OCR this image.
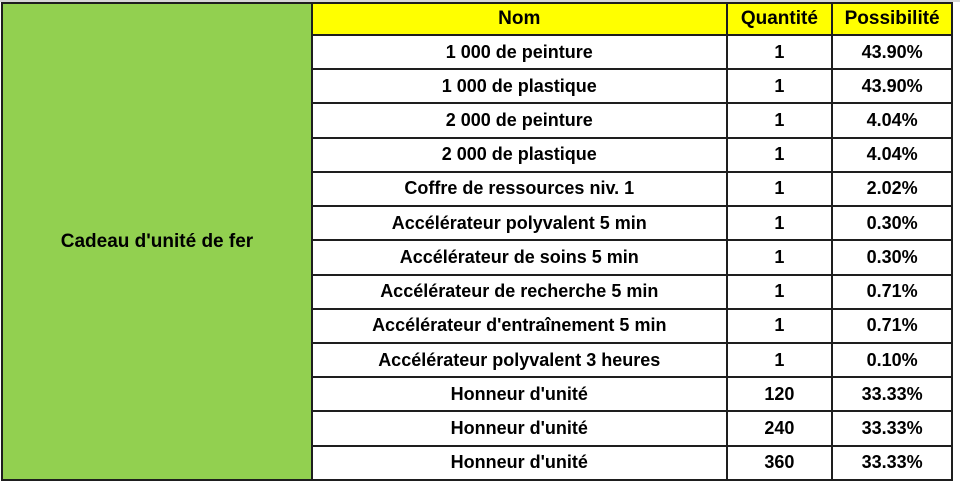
Cadeau d'unité de fer	Nom	Quantité	Possibilité
	1 000 de peinture	1	43.90%
	1 000 de plastique	1	43.90%
	2 000 de peinture	1	4.04%
	2 000 de plastique	1	4.04%
	Coffre de ressources niv. 1	1	2.02%
	Accélérateur polyvalent 5 min	1	0.30%
	Accélérateur de soins 5 min	1	0.30%
	Accélérateur de recherche 5 min	1	0.71%
	Accélérateur d'entraînement 5 min	1	0.71%
	Accélérateur polyvalent 3 heures	1	0.10%
	Honneur d'unité	120	33.33%
	Honneur d'unité	240	33.33%
	Honneur d'unité	360	33.33%
